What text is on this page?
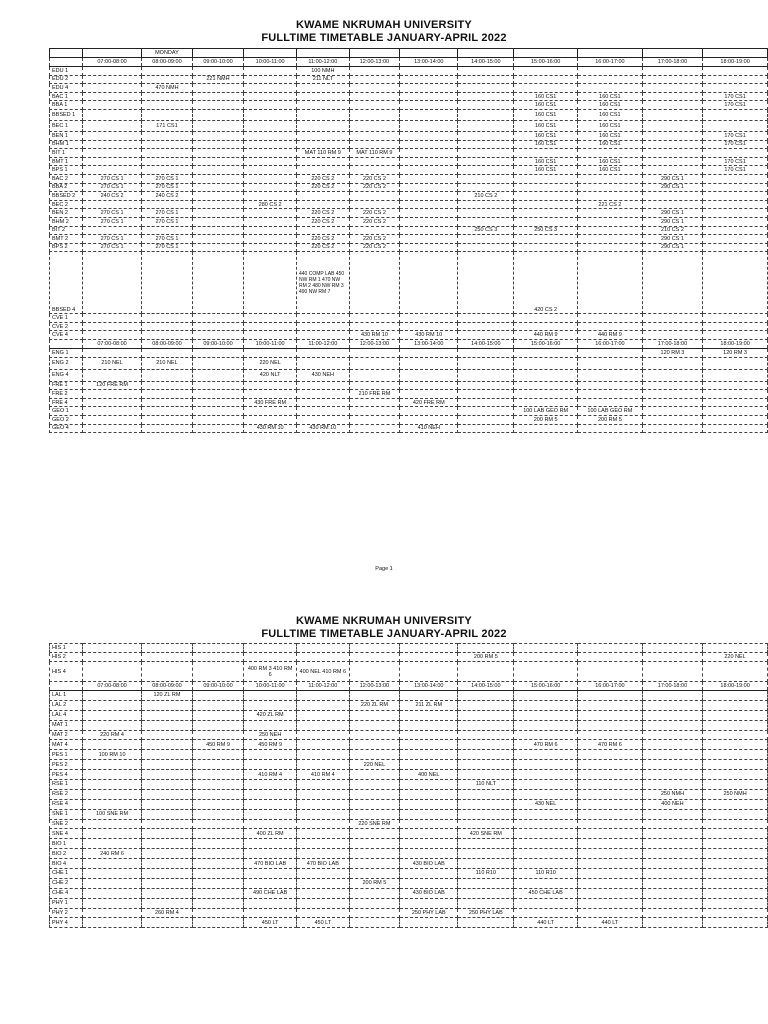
KWAME NKRUMAH UNIVERSITY
FULLTIME TIMETABLE JANUARY-APRIL 2022
		MONDAY										
	07:00-08:00	08:00-09:00	09:00-10:00	10:00-11:00	11:00-12:00	12:00-13:00	13:00-14:00	14:00-15:00	15:00-16:00	16:00-17:00	17:00-18:00	18:00-19:00
EDU 1					100 NMH							
EDU 2			221 NMH		211 NLT							
EDU 4		470 NMH										
BAC 1									160 CS1	160 CS1		170 CS1
BBA 1									160 CS1	160 CS1		170 CS1
BBSED 1									160 CS1	160 CS1		
BEC 1		171 CS1							160 CS1	160 CS1		
BEN 1									160 CS1	160 CS1		170 CS1
BHM 1									160 CS1	160 CS1		170 CS1
BIT 1					MAT 110 RM 9	MAT 110 RM 9						
BMT 1									160 CS1	160 CS1		170 CS1
BPS 1									160 CS1	160 CS1		170 CS1
BAC 2	270 CS 1	270 CS 1			220 CS 2	220 CS 2					290 CS 1	
BBA 2	270 CS 1	270 CS 1			220 CS 2	220 CS 2					290 CS 1	
BBSED 2	240 CS 2	240 CS 2						210 CS 2				
BEC 2				280 CS 2						221 CS 2		
BEN 2	270 CS 1	270 CS 1			220 CS 2	220 CS 2					290 CS 1	
BHM 2	270 CS 1	270 CS 1			220 CS 2	220 CS 2					290 CS 1	
BIT 2								250 CS 3	250 CS 3		210 CS 2	
BMT 2	270 CS 1	270 CS 1			220 CS 2	220 CS 2					290 CS 1	
BPS 2	270 CS 1	270 CS 1			220 CS 2	220 CS 2					290 CS 1	
BBSED 4					440 COMP LAB 450 NW RM 1 470 NW RM 2 480 NW RM 3 490 NW RM 7				420 CS 2			
CVE 1												
CVE 2												
CVE 4						430 RM 10	430 RM 10		440 RM 9	440 RM 9		
	07:00-08:00	08:00-09:00	09:00-10:00	10:00-11:00	11:00-12:00	12:00-13:00	13:00-14:00	14:00-15:00	15:00-16:00	16:00-17:00	17:00-18:00	18:00-19:00
ENG 1											120 RM 3	120 RM 3
ENG 2	210 NEL	210 NEL		220 NEL								
ENG 4				420 NLT	430 NEH							
FRE 1	120 FRE RM											
FRE 2						210 FRE RM						
FRE 4				430 FRE RM			420 FRE RM					
GEO 1									100 LAB GEO RM	100 LAB GEO RM		
GEO 2									200 RM 5	200 RM 5		
GEO 4				430 RM 10	430 RM 10		410 NEH					
Page 1
KWAME NKRUMAH UNIVERSITY
FULLTIME TIMETABLE JANUARY-APRIL 2022
HIS 1												
HIS 2								200 RM 5				220 NEL
HIS 4				400 RM 3 410 RM 6	400 NEL 410 RM 6							
	07:00-08:00	08:00-09:00	09:00-10:00	10:00-11:00	11:00-12:00	12:00-13:00	13:00-14:00	14:00-15:00	15:00-16:00	16:00-17:00	17:00-18:00	18:00-19:00
LAL 1		120 ZL RM										
LAL 2						220 ZL RM	211 ZL RM					
LAL 4				420 ZL RM								
MAT 1												
MAT 2	220 RM 4			250 NEH								
MAT 4			450 RM 9	450 RM 9					470 RM 6	470 RM 6		
PES 1	100 RM 10											
PES 2						220 NEL						
PES 4				410 RM 4	410 RM 4		400 NEL					
RSE 1								110 NLT				
RSE 2											250 NMH	250 NMH
RSE 4									430 NEL		400 NEH	
SNE 1	100 SNE RM											
SNE 2						220 SNE RM						
SNE 4				400 ZL RM				420 SNE RM				
BIO 1												
BIO 2	240 RM 6											
BIO 4				470 BIO LAB	470 BIO LAB		430 BIO LAB					
CHE 1								110 R10	110 R10			
CHE 2						200 RM 5						
CHE 4				490 CHE LAB			430 BIO LAB		450 CHE LAB			
PHY 1												
PHY 2		260 RM 4					250 PHY LAB	250 PHY LAB				
PHY 4				450 LT	450 LT				440 LT	440 LT		
